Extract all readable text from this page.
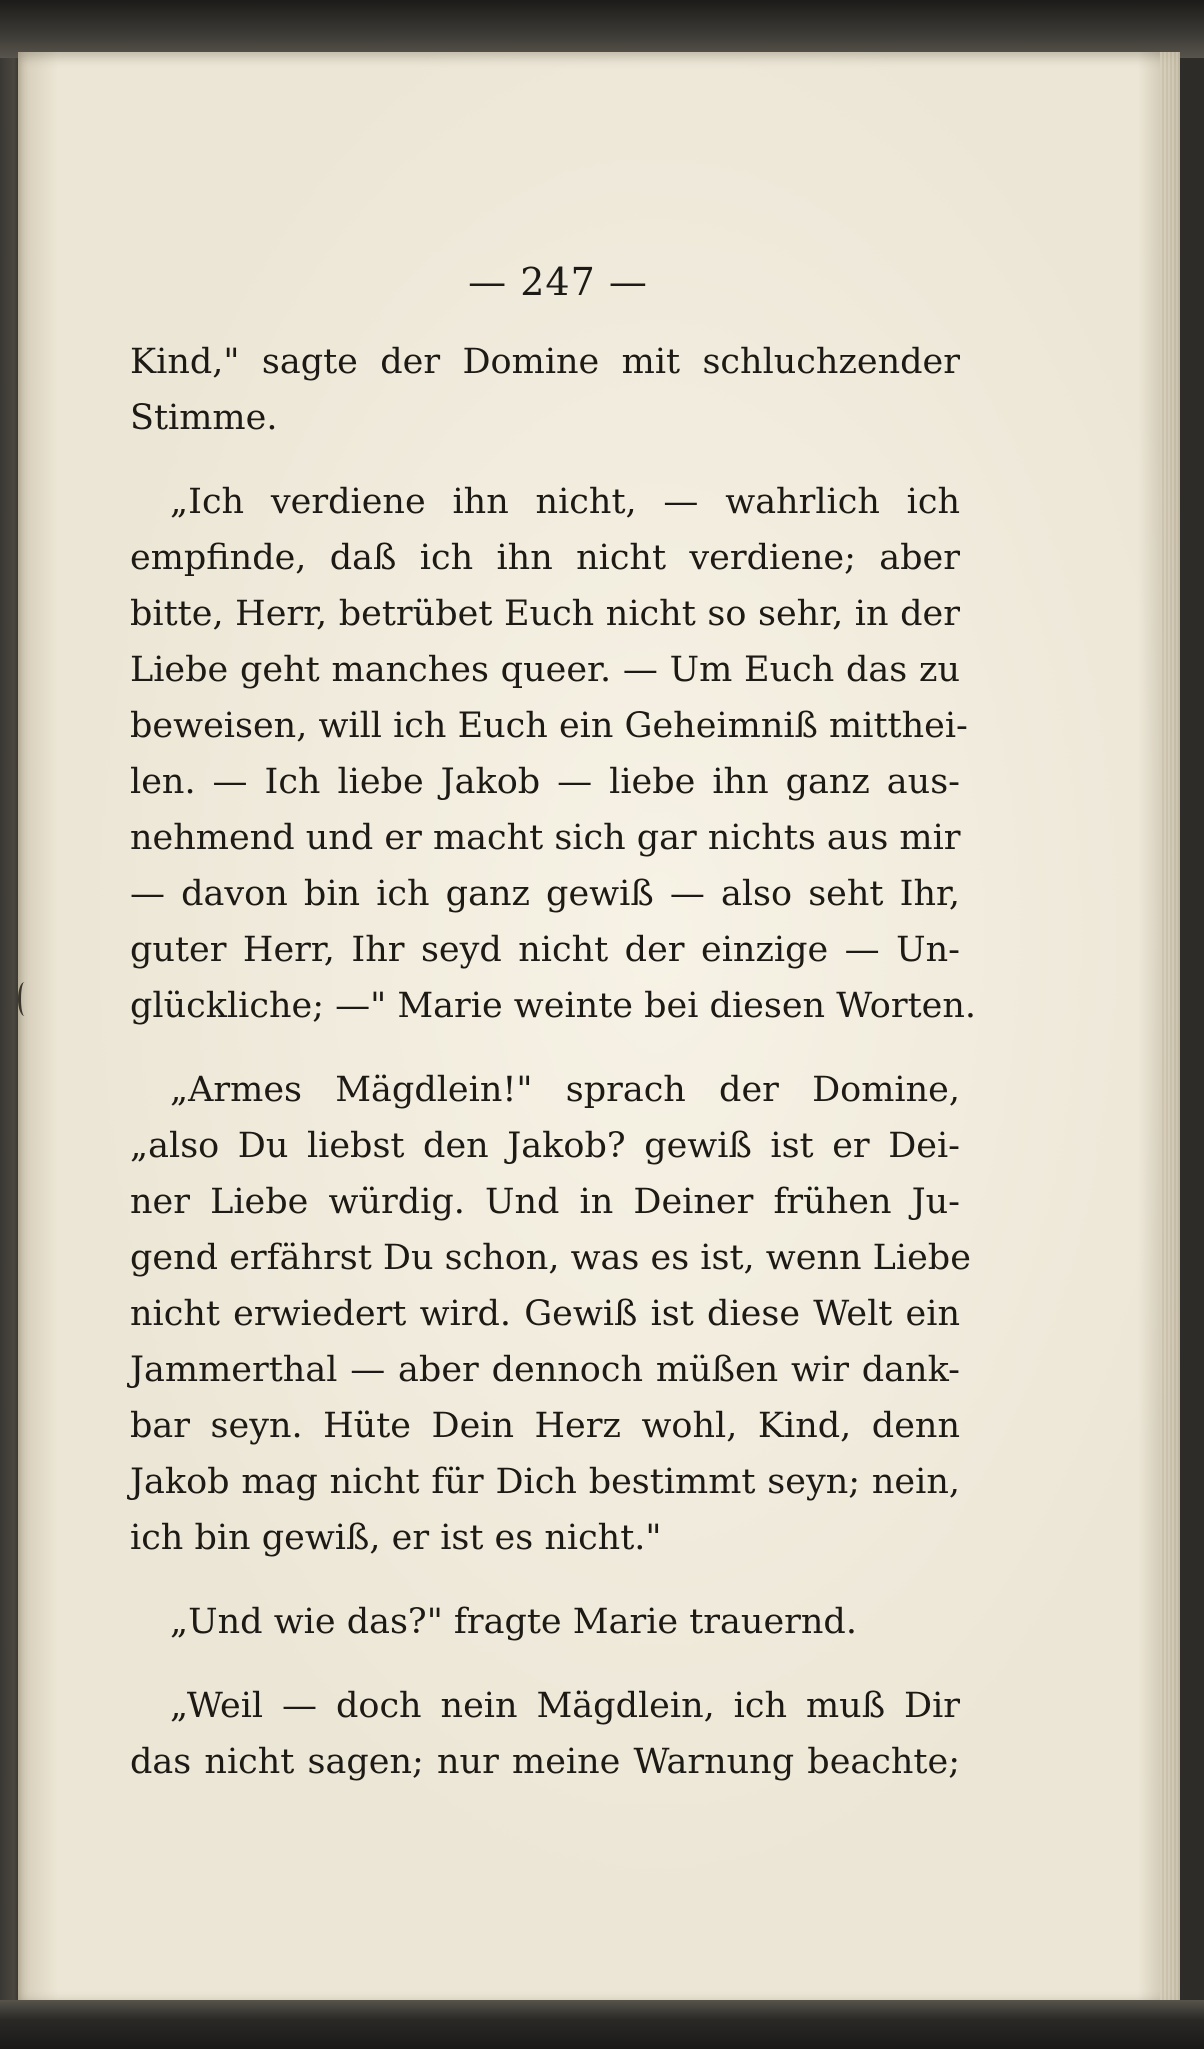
— 247 —
Kind," sagte der Domine mit schluchzender
Stimme.
„Ich verdiene ihn nicht, — wahrlich ich
empfinde, daß ich ihn nicht verdiene; aber
bitte, Herr, betrübet Euch nicht so sehr, in der
Liebe geht manches queer. — Um Euch das zu
beweisen, will ich Euch ein Geheimniß mitthei-
len. — Ich liebe Jakob — liebe ihn ganz aus-
nehmend und er macht sich gar nichts aus mir
— davon bin ich ganz gewiß — also seht Ihr,
guter Herr, Ihr seyd nicht der einzige — Un-
glückliche; —" Marie weinte bei diesen Worten.
„Armes Mägdlein!" sprach der Domine,
„also Du liebst den Jakob? gewiß ist er Dei-
ner Liebe würdig. Und in Deiner frühen Ju-
gend erfährst Du schon, was es ist, wenn Liebe
nicht erwiedert wird. Gewiß ist diese Welt ein
Jammerthal — aber dennoch müßen wir dank-
bar seyn. Hüte Dein Herz wohl, Kind, denn
Jakob mag nicht für Dich bestimmt seyn; nein,
ich bin gewiß, er ist es nicht."
„Und wie das?" fragte Marie trauernd.
„Weil — doch nein Mägdlein, ich muß Dir
das nicht sagen; nur meine Warnung beachte;
